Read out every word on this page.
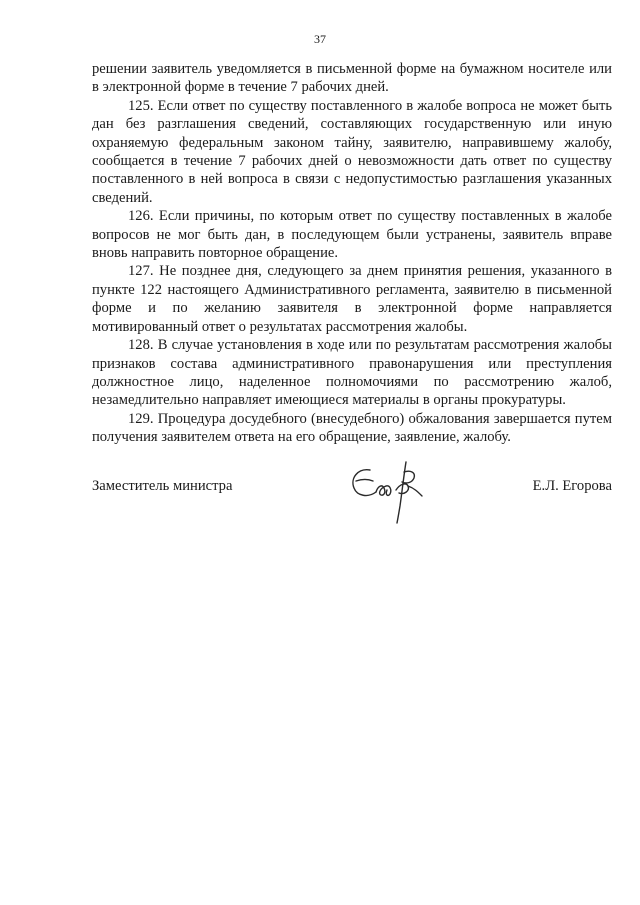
37

решении заявитель уведомляется в письменной форме на бумажном носителе или в электронной форме в течение 7 рабочих дней.

125. Если ответ по существу поставленного в жалобе вопроса не может быть дан без разглашения сведений, составляющих государственную или иную охраняемую федеральным законом тайну, заявителю, направившему жалобу, сообщается в течение 7 рабочих дней о невозможности дать ответ по существу поставленного в ней вопроса в связи с недопустимостью разглашения указанных сведений.

126. Если причины, по которым ответ по существу поставленных в жалобе вопросов не мог быть дан, в последующем были устранены, заявитель вправе вновь направить повторное обращение.

127. Не позднее дня, следующего за днем принятия решения, указанного в пункте 122 настоящего Административного регламента, заявителю в письменной форме и по желанию заявителя в электронной форме направляется мотивированный ответ о результатах рассмотрения жалобы.

128. В случае установления в ходе или по результатам рассмотрения жалобы признаков состава административного правонарушения или преступления должностное лицо, наделенное полномочиями по рассмотрению жалоб, незамедлительно направляет имеющиеся материалы в органы прокуратуры.

129. Процедура досудебного (внесудебного) обжалования завершается путем получения заявителем ответа на его обращение, заявление, жалобу.

Заместитель министра	Е.Л. Егорова
